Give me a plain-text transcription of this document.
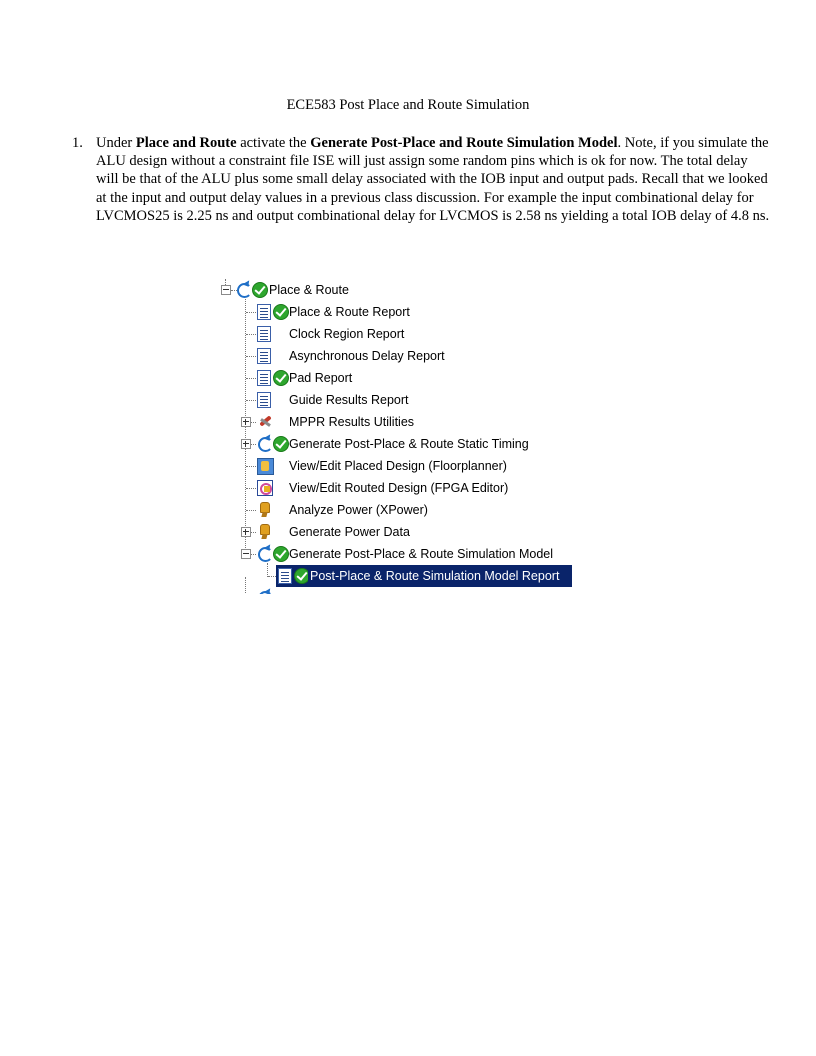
ECE583 Post Place and Route Simulation
1. Under Place and Route activate the Generate Post-Place and Route Simulation Model. Note, if you simulate the ALU design without a constraint file ISE will just assign some random pins which is ok for now. The total delay will be that of the ALU plus some small delay associated with the IOB input and output pads. Recall that we looked at the input and output delay values in a previous class discussion. For example the input combinational delay for LVCMOS25 is 2.25 ns and output combinational delay for LVCMOS is 2.58 ns yielding a total IOB delay of 4.8 ns.
Place & Route
Place & Route Report
Clock Region Report
Asynchronous Delay Report
Pad Report
Guide Results Report
MPPR Results Utilities
Generate Post-Place & Route Static Timing
View/Edit Placed Design (Floorplanner)
View/Edit Routed Design (FPGA Editor)
Analyze Power (XPower)
Generate Power Data
Generate Post-Place & Route Simulation Model
Post-Place & Route Simulation Model Report
